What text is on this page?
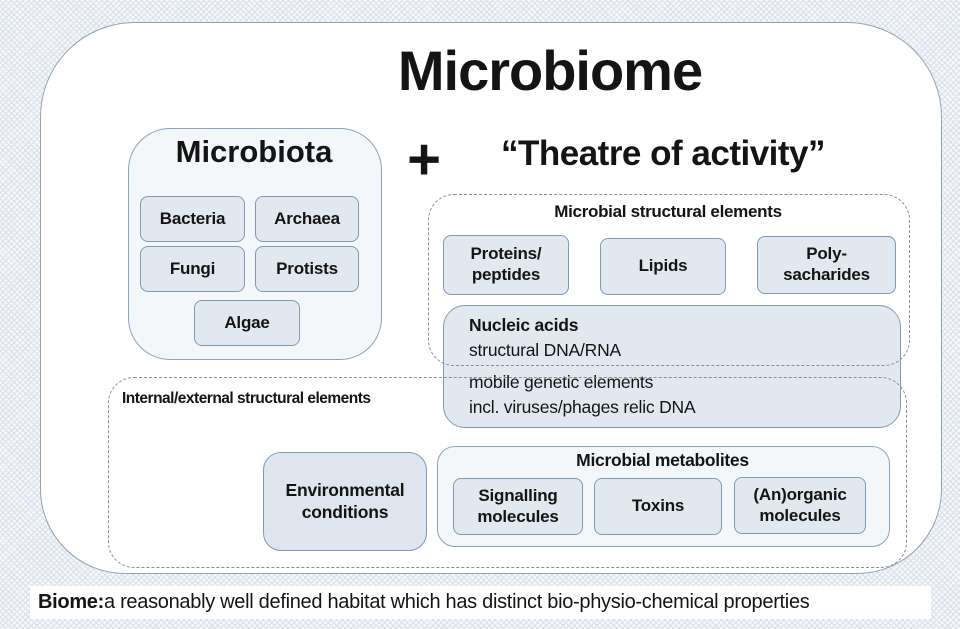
Microbiome
Microbiota
Bacteria	Archaea
Fungi	Protists
Algae
+	“Theatre of activity”
Microbial structural elements
Proteins/
peptides	Lipids
Poly-
sacharides
Nucleic acids
structural DNA/RNA
mobile genetic elements
incl. viruses/phages relic DNA
Internal/external structural elements
Environmental
conditions
Microbial metabolites
Signalling
molecules
Toxins
(An)organic
molecules
Biome: a reasonably well defined habitat which has distinct bio-physio-chemical properties
